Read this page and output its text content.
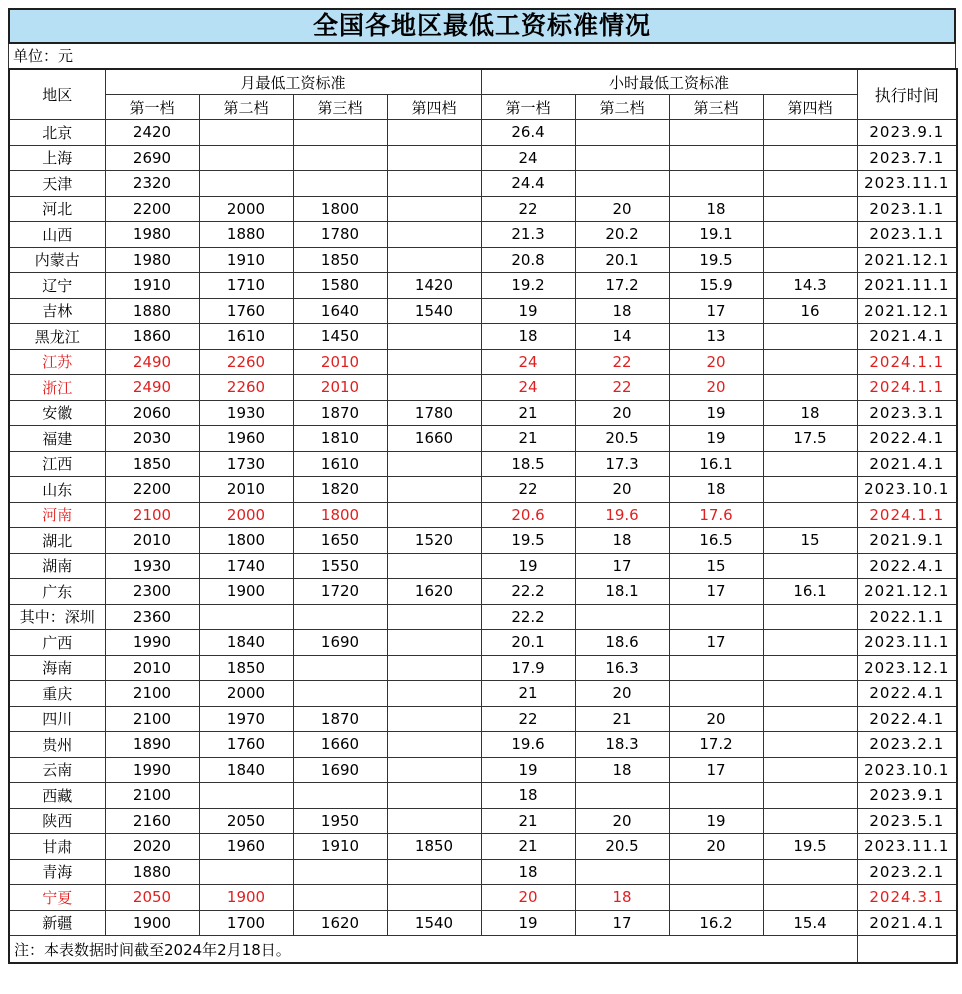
全国各地区最低工资标准情况
单位：元
地区	月最低工资标准				小时最低工资标准				执行时间
	第一档	第二档	第三档	第四档	第一档	第二档	第三档	第四档	
北京	2420				26.4				2023.9.1
上海	2690				24				2023.7.1
天津	2320				24.4				2023.11.1
河北	2200	2000	1800		22	20	18		2023.1.1
山西	1980	1880	1780		21.3	20.2	19.1		2023.1.1
内蒙古	1980	1910	1850		20.8	20.1	19.5		2021.12.1
辽宁	1910	1710	1580	1420	19.2	17.2	15.9	14.3	2021.11.1
吉林	1880	1760	1640	1540	19	18	17	16	2021.12.1
黑龙江	1860	1610	1450		18	14	13		2021.4.1
江苏	2490	2260	2010		24	22	20		2024.1.1
浙江	2490	2260	2010		24	22	20		2024.1.1
安徽	2060	1930	1870	1780	21	20	19	18	2023.3.1
福建	2030	1960	1810	1660	21	20.5	19	17.5	2022.4.1
江西	1850	1730	1610		18.5	17.3	16.1		2021.4.1
山东	2200	2010	1820		22	20	18		2023.10.1
河南	2100	2000	1800		20.6	19.6	17.6		2024.1.1
湖北	2010	1800	1650	1520	19.5	18	16.5	15	2021.9.1
湖南	1930	1740	1550		19	17	15		2022.4.1
广东	2300	1900	1720	1620	22.2	18.1	17	16.1	2021.12.1
其中：深圳	2360				22.2				2022.1.1
广西	1990	1840	1690		20.1	18.6	17		2023.11.1
海南	2010	1850			17.9	16.3			2023.12.1
重庆	2100	2000			21	20			2022.4.1
四川	2100	1970	1870		22	21	20		2022.4.1
贵州	1890	1760	1660		19.6	18.3	17.2		2023.2.1
云南	1990	1840	1690		19	18	17		2023.10.1
西藏	2100				18				2023.9.1
陕西	2160	2050	1950		21	20	19		2023.5.1
甘肃	2020	1960	1910	1850	21	20.5	20	19.5	2023.11.1
青海	1880				18				2023.2.1
宁夏	2050	1900			20	18			2024.3.1
新疆	1900	1700	1620	1540	19	17	16.2	15.4	2021.4.1
注：本表数据时间截至2024年2月18日。									
